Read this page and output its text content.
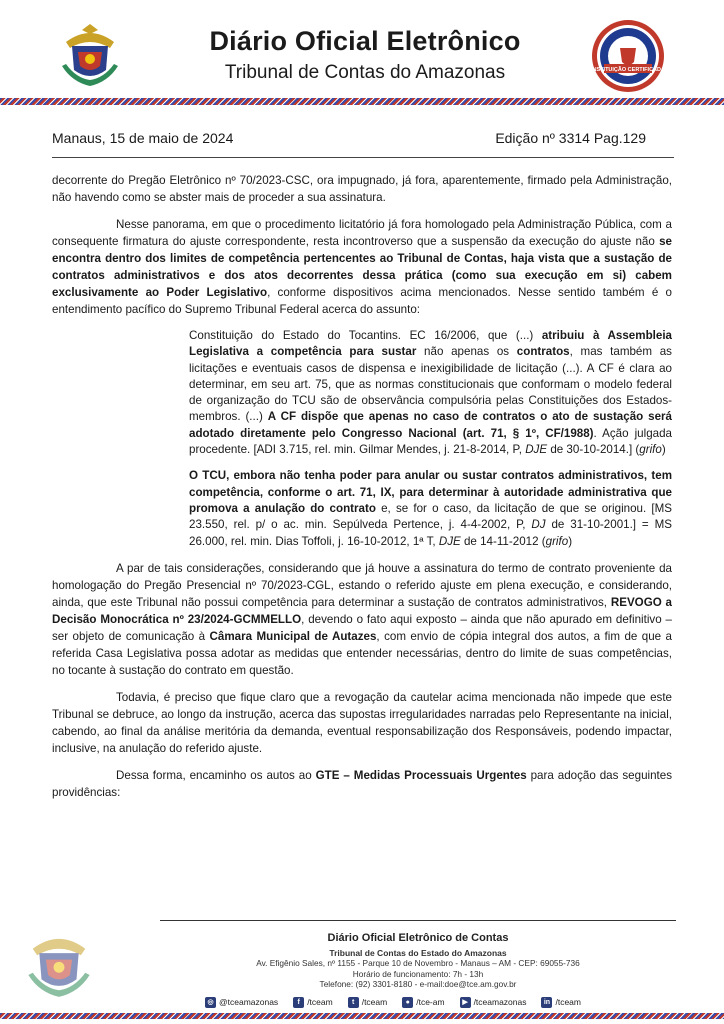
Diário Oficial Eletrônico
Tribunal de Contas do Amazonas	INSTITUIÇÃO CERTIFICADA
Manaus, 15 de maio de 2024	Edição nº 3314 Pag.129

decorrente do Pregão Eletrônico nº 70/2023-CSC, ora impugnado, já fora, aparentemente, firmado pela Administração, não havendo como se abster mais de proceder a sua assinatura.

Nesse panorama, em que o procedimento licitatório já fora homologado pela Administração Pública, com a consequente firmatura do ajuste correspondente, resta incontroverso que a suspensão da execução do ajuste não se encontra dentro dos limites de competência pertencentes ao Tribunal de Contas, haja vista que a sustação de contratos administrativos e dos atos decorrentes dessa prática (como sua execução em si) cabem exclusivamente ao Poder Legislativo, conforme dispositivos acima mencionados. Nesse sentido também é o entendimento pacífico do Supremo Tribunal Federal acerca do assunto:

Constituição do Estado do Tocantins. EC 16/2006, que (...) atribuiu à Assembleia Legislativa a competência para sustar não apenas os contratos, mas também as licitações e eventuais casos de dispensa e inexigibilidade de licitação (...). A CF é clara ao determinar, em seu art. 75, que as normas constitucionais que conformam o modelo federal de organização do TCU são de observância compulsória pelas Constituições dos Estados-membros. (...) A CF dispõe que apenas no caso de contratos o ato de sustação será adotado diretamente pelo Congresso Nacional (art. 71, § 1º, CF/1988). Ação julgada procedente. [ADI 3.715, rel. min. Gilmar Mendes, j. 21-8-2014, P, DJE de 30-10-2014.] (grifo)

O TCU, embora não tenha poder para anular ou sustar contratos administrativos, tem competência, conforme o art. 71, IX, para determinar à autoridade administrativa que promova a anulação do contrato e, se for o caso, da licitação de que se originou. [MS 23.550, rel. p/ o ac. min. Sepúlveda Pertence, j. 4-4-2002, P, DJ de 31-10-2001.] = MS 26.000, rel. min. Dias Toffoli, j. 16-10-2012, 1ª T, DJE de 14-11-2012 (grifo)

A par de tais considerações, considerando que já houve a assinatura do termo de contrato proveniente da homologação do Pregão Presencial nº 70/2023-CGL, estando o referido ajuste em plena execução, e considerando, ainda, que este Tribunal não possui competência para determinar a sustação de contratos administrativos, REVOGO a Decisão Monocrática nº 23/2024-GCMMELLO, devendo o fato aqui exposto – ainda que não apurado em definitivo – ser objeto de comunicação à Câmara Municipal de Autazes, com envio de cópia integral dos autos, a fim de que a referida Casa Legislativa possa adotar as medidas que entender necessárias, dentro do limite de suas competências, no tocante à sustação do contrato em questão.

Todavia, é preciso que fique claro que a revogação da cautelar acima mencionada não impede que este Tribunal se debruce, ao longo da instrução, acerca das supostas irregularidades narradas pelo Representante na inicial, cabendo, ao final da análise meritória da demanda, eventual responsabilização dos Responsáveis, podendo impactar, inclusive, na anulação do referido ajuste.

Dessa forma, encaminho os autos ao GTE – Medidas Processuais Urgentes para adoção das seguintes providências:

Diário Oficial Eletrônico de Contas
Tribunal de Contas do Estado do Amazonas
Av. Efigênio Sales, nº 1155 - Parque 10 de Novembro - Manaus – AM - CEP: 69055-736
Horário de funcionamento: 7h - 13h
Telefone: (92) 3301-8180 - e-mail:doe@tce.am.gov.br
◎ @tceamazonas	f /tceam	t /tceam	● /tce-am	▶ /tceamazonas	in /tceam
